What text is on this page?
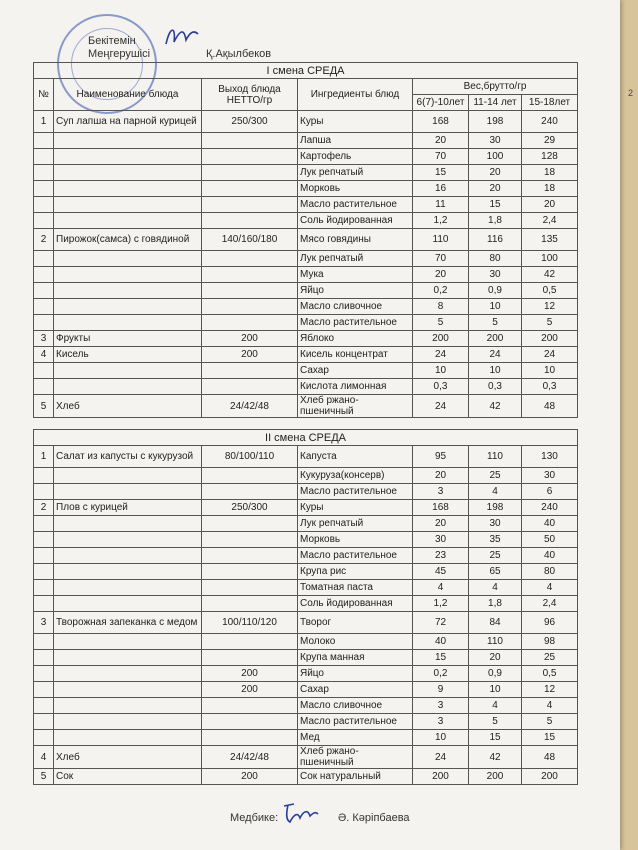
Бекітемін
Меңгерушісі	Қ.Ақылбеков
2
I смена СРЕДА						
№	Наименование блюда	Выход блюда НЕТТО/гр	Ингредиенты блюд	Вес,брутто/гр		
				6(7)-10лет	11-14 лет	15-18лет
1	Суп лапша на парной курицей	250/300	Куры	168	198	240
			Лапша	20	30	29
			Картофель	70	100	128
			Лук репчатый	15	20	18
			Морковь	16	20	18
			Масло растительное	11	15	20
			Соль йодированная	1,2	1,8	2,4
2	Пирожок(самса) с говядиной	140/160/180	Мясо говядины	110	116	135
			Лук репчатый	70	80	100
			Мука	20	30	42
			Яйцо	0,2	0,9	0,5
			Масло сливочное	8	10	12
			Масло растительное	5	5	5
3	Фрукты	200	Яблоко	200	200	200
4	Кисель	200	Кисель концентрат	24	24	24
			Сахар	10	10	10
			Кислота лимонная	0,3	0,3	0,3
5	Хлеб	24/42/48	Хлеб ржано-пшеничный	24	42	48
II смена СРЕДА						
1	Салат из капусты с кукурузой	80/100/110	Капуста	95	110	130
			Кукуруза(консерв)	20	25	30
			Масло растительное	3	4	6
2	Плов с курицей	250/300	Куры	168	198	240
			Лук репчатый	20	30	40
			Морковь	30	35	50
			Масло растительное	23	25	40
			Крупа рис	45	65	80
			Томатная паста	4	4	4
			Соль йодированная	1,2	1,8	2,4
3	Творожная запеканка с медом	100/110/120	Творог	72	84	96
			Молоко	40	110	98
			Крупа манная	15	20	25
		200	Яйцо	0,2	0,9	0,5
		200	Сахар	9	10	12
			Масло сливочное	3	4	4
			Масло растительное	3	5	5
			Мед	10	15	15
4	Хлеб	24/42/48	Хлеб ржано-пшеничный	24	42	48
5	Сок	200	Сок натуральный	200	200	200
Медбике:	Ә. Кәріпбаева
